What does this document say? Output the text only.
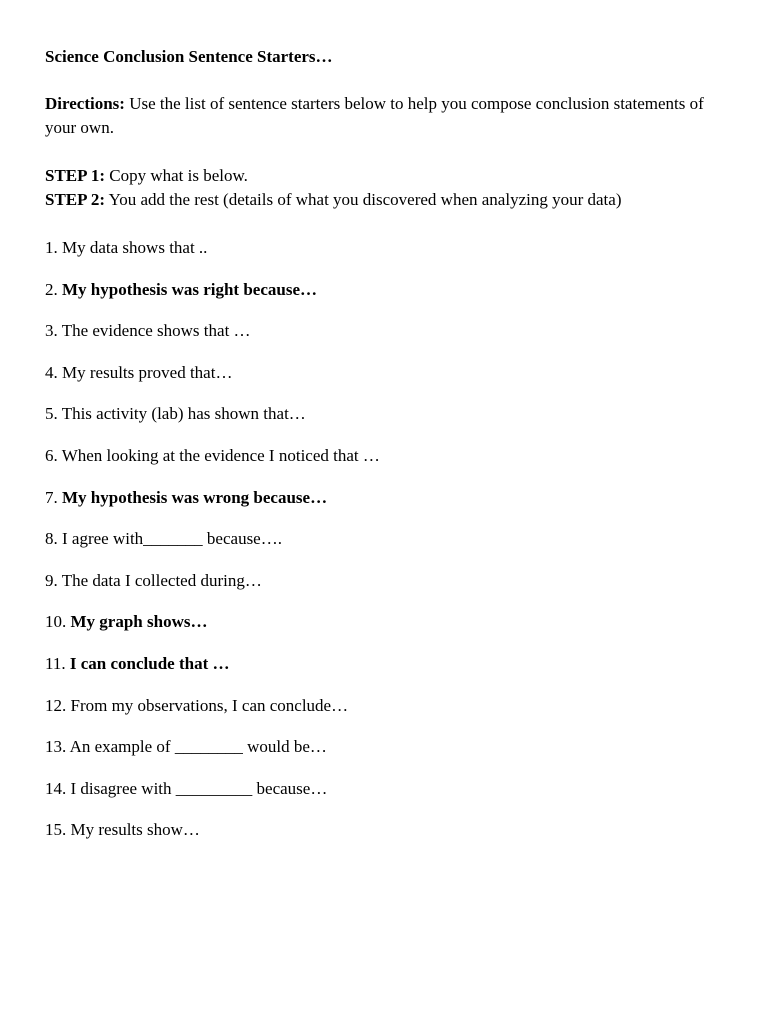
Science Conclusion Sentence Starters…

Directions: Use the list of sentence starters below to help you compose conclusion statements of your own.

STEP 1: Copy what is below.
STEP 2: You add the rest (details of what you discovered when analyzing your data)
1. My data shows that ..
2. My hypothesis was right because…
3. The evidence shows that …
4. My results proved that…
5. This activity (lab) has shown that…
6. When looking at the evidence I noticed that …
7. My hypothesis was wrong because…
8. I agree with_______ because….
9. The data I collected during…
10. My graph shows…
11. I can conclude that …
12. From my observations, I can conclude…
13. An example of ________ would be…
14. I disagree with _________ because…
15. My results show…
